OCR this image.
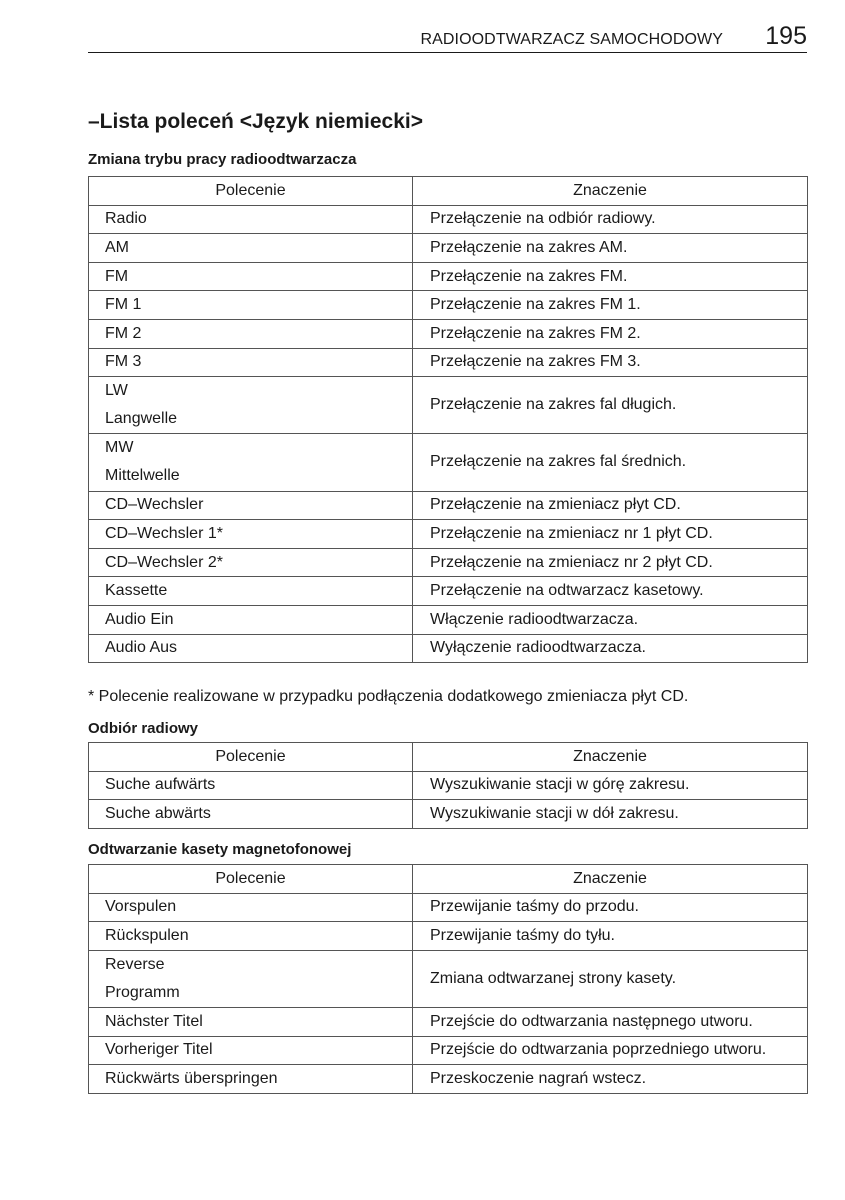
RADIOODTWARZACZ SAMOCHODOWY 195
–Lista poleceń <Język niemiecki>
Zmiana trybu pracy radioodtwarzacza
Polecenie	Znaczenie
Radio	Przełączenie na odbiór radiowy.
AM	Przełączenie na zakres AM.
FM	Przełączenie na zakres FM.
FM 1	Przełączenie na zakres FM 1.
FM 2	Przełączenie na zakres FM 2.
FM 3	Przełączenie na zakres FM 3.
LW	Przełączenie na zakres fal długich.
Langwelle	
MW	Przełączenie na zakres fal średnich.
Mittelwelle	
CD–Wechsler	Przełączenie na zmieniacz płyt CD.
CD–Wechsler 1*	Przełączenie na zmieniacz nr 1 płyt CD.
CD–Wechsler 2*	Przełączenie na zmieniacz nr 2 płyt CD.
Kassette	Przełączenie na odtwarzacz kasetowy.
Audio Ein	Włączenie radioodtwarzacza.
Audio Aus	Wyłączenie radioodtwarzacza.

* Polecenie realizowane w przypadku podłączenia dodatkowego zmieniacza płyt CD.

Odbiór radiowy
Polecenie	Znaczenie
Suche aufwärts	Wyszukiwanie stacji w górę zakresu.
Suche abwärts	Wyszukiwanie stacji w dół zakresu.
Odtwarzanie kasety magnetofonowej
Polecenie	Znaczenie
Vorspulen	Przewijanie taśmy do przodu.
Rückspulen	Przewijanie taśmy do tyłu.
Reverse	Zmiana odtwarzanej strony kasety.
Programm	
Nächster Titel	Przejście do odtwarzania następnego utworu.
Vorheriger Titel	Przejście do odtwarzania poprzedniego utworu.
Rückwärts überspringen	Przeskoczenie nagrań wstecz.
